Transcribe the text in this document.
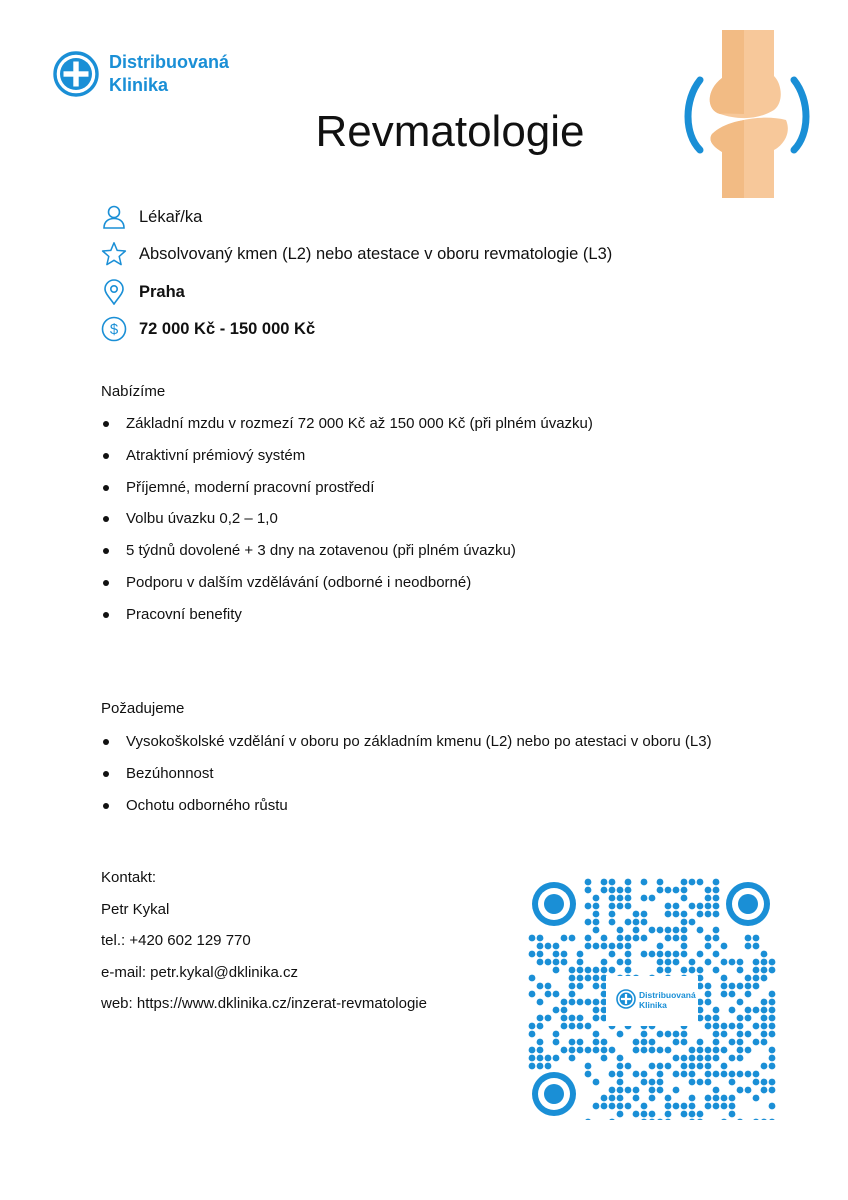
Distribuovaná
Klinika
Revmatologie
Lékař/ka
Absolvovaný kmen (L2) nebo atestace v oboru revmatologie (L3)
Praha
$ 72 000 Kč - 150 000 Kč
Nabízíme
Základní mzdu v rozmezí 72 000 Kč až 150 000 Kč (při plném úvazku)
Atraktivní prémiový systém
Příjemné, moderní pracovní prostředí
Volbu úvazku 0,2 – 1,0
5 týdnů dovolené + 3 dny na zotavenou (při plném úvazku)
Podporu v dalším vzdělávání (odborné i neodborné)
Pracovní benefity
Požadujeme
Vysokoškolské vzdělání v oboru po základním kmenu (L2) nebo po atestaci v oboru (L3)
Bezúhonnost
Ochotu odborného růstu
Kontakt:
Petr Kykal
tel.: +420 602 129 770
e-mail: petr.kykal@dklinika.cz
web: https://www.dklinika.cz/inzerat-revmatologie	Distribuovaná
Klinika
